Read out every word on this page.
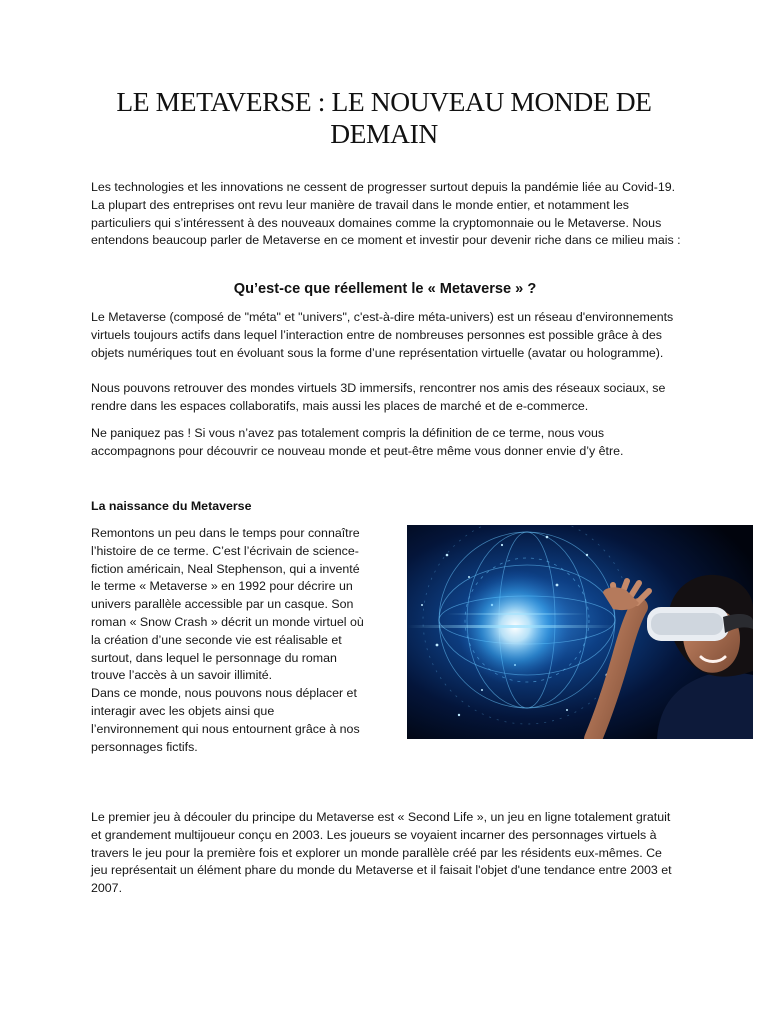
LE METAVERSE : LE NOUVEAU MONDE DE DEMAIN

Les technologies et les innovations ne cessent de progresser surtout depuis la pandémie liée au Covid-19. La plupart des entreprises ont revu leur manière de travail dans le monde entier, et notamment les particuliers qui s’intéressent à des nouveaux domaines comme la cryptomonnaie ou le Metaverse. Nous entendons beaucoup parler de Metaverse en ce moment et investir pour devenir riche dans ce milieu mais :

Qu’est-ce que réellement le « Metaverse » ?

Le Metaverse (composé de "méta" et "univers", c'est-à-dire méta-univers) est un réseau d'environnements virtuels toujours actifs dans lequel l’interaction entre de nombreuses personnes est possible grâce à des objets numériques tout en évoluant sous la forme d’une représentation virtuelle (avatar ou hologramme).

Nous pouvons retrouver des mondes virtuels 3D immersifs, rencontrer nos amis des réseaux sociaux, se rendre dans les espaces collaboratifs, mais aussi les places de marché et de e-commerce.

Ne paniquez pas ! Si vous n’avez pas totalement compris la définition de ce terme, nous vous accompagnons pour découvrir ce nouveau monde et peut-être même vous donner envie d’y être.

La naissance du Metaverse

Remontons un peu dans le temps pour connaître l’histoire de ce terme. C’est l’écrivain de science-fiction américain, Neal Stephenson, qui a inventé le terme « Metaverse » en 1992 pour décrire un univers parallèle accessible par un casque. Son roman « Snow Crash » décrit un monde virtuel où la création d’une seconde vie est réalisable et surtout, dans lequel le personnage du roman trouve l’accès à un savoir illimité.

Dans ce monde, nous pouvons nous déplacer et interagir avec les objets ainsi que l’environnement qui nous entournent grâce à nos personnages fictifs.

Le premier jeu à découler du principe du Metaverse est « Second Life », un jeu en ligne totalement gratuit et grandement multijoueur conçu en 2003. Les joueurs se voyaient incarner des personnages virtuels à travers le jeu pour la première fois et explorer un monde parallèle créé par les résidents eux-mêmes. Ce jeu représentait un élément phare du monde du Metaverse et il faisait l'objet d'une tendance entre 2003 et 2007.
